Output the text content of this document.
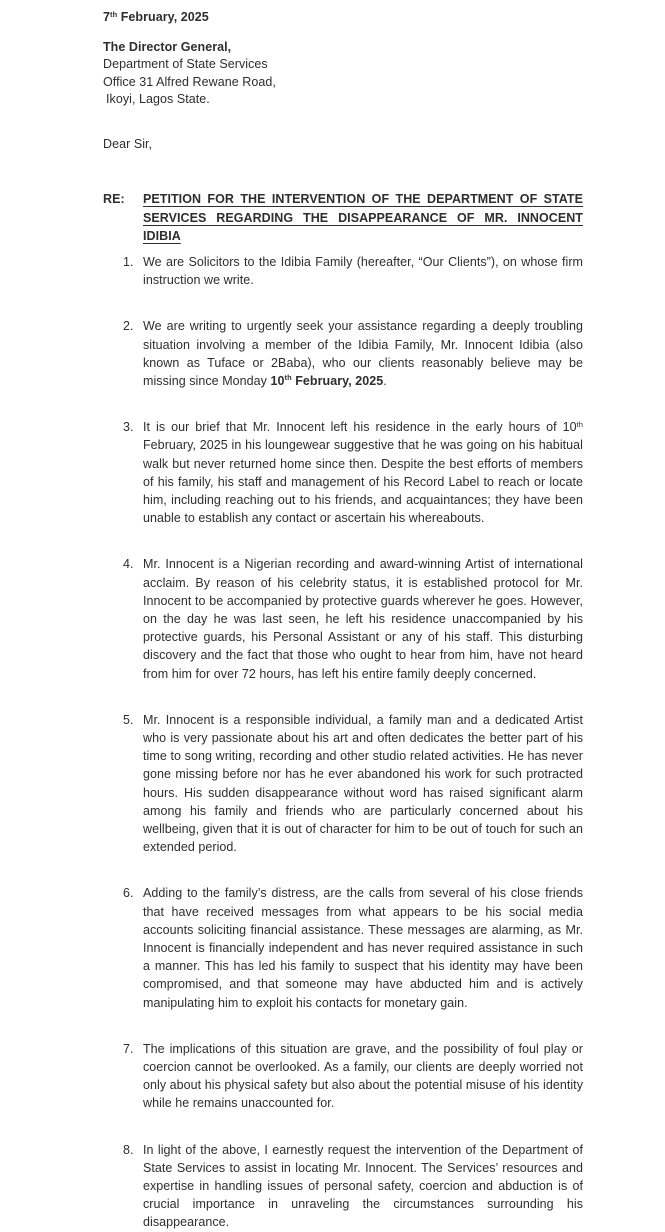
7th February, 2025
The Director General,
Department of State Services
Office 31 Alfred Rewane Road,
Ikoyi, Lagos State.
Dear Sir,
RE:	PETITION FOR THE INTERVENTION OF THE DEPARTMENT OF STATE SERVICES REGARDING THE DISAPPEARANCE OF MR. INNOCENT IDIBIA
1. We are Solicitors to the Idibia Family (hereafter, “Our Clients”), on whose firm instruction we write.
2. We are writing to urgently seek your assistance regarding a deeply troubling situation involving a member of the Idibia Family, Mr. Innocent Idibia (also known as Tuface or 2Baba), who our clients reasonably believe may be missing since Monday 10th February, 2025.
3. It is our brief that Mr. Innocent left his residence in the early hours of 10th February, 2025 in his loungewear suggestive that he was going on his habitual walk but never returned home since then. Despite the best efforts of members of his family, his staff and management of his Record Label to reach or locate him, including reaching out to his friends, and acquaintances; they have been unable to establish any contact or ascertain his whereabouts.
4. Mr. Innocent is a Nigerian recording and award-winning Artist of international acclaim. By reason of his celebrity status, it is established protocol for Mr. Innocent to be accompanied by protective guards wherever he goes. However, on the day he was last seen, he left his residence unaccompanied by his protective guards, his Personal Assistant or any of his staff. This disturbing discovery and the fact that those who ought to hear from him, have not heard from him for over 72 hours, has left his entire family deeply concerned.
5. Mr. Innocent is a responsible individual, a family man and a dedicated Artist who is very passionate about his art and often dedicates the better part of his time to song writing, recording and other studio related activities. He has never gone missing before nor has he ever abandoned his work for such protracted hours. His sudden disappearance without word has raised significant alarm among his family and friends who are particularly concerned about his wellbeing, given that it is out of character for him to be out of touch for such an extended period.
6. Adding to the family’s distress, are the calls from several of his close friends that have received messages from what appears to be his social media accounts soliciting financial assistance. These messages are alarming, as Mr. Innocent is financially independent and has never required assistance in such a manner. This has led his family to suspect that his identity may have been compromised, and that someone may have abducted him and is actively manipulating him to exploit his contacts for monetary gain.
7. The implications of this situation are grave, and the possibility of foul play or coercion cannot be overlooked. As a family, our clients are deeply worried not only about his physical safety but also about the potential misuse of his identity while he remains unaccounted for.
8. In light of the above, I earnestly request the intervention of the Department of State Services to assist in locating Mr. Innocent. The Services’ resources and expertise in handling issues of personal safety, coercion and abduction is of crucial importance in unraveling the circumstances surrounding his disappearance.
